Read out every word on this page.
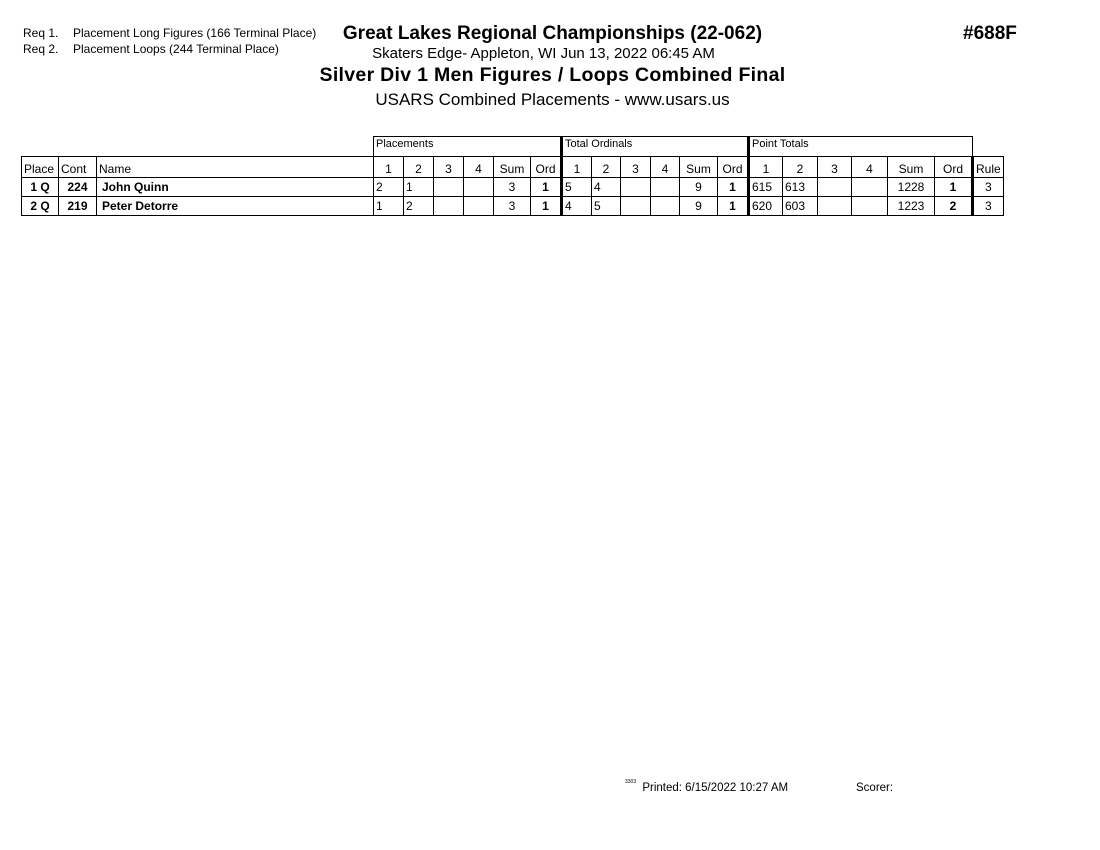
Req 1. Placement Long Figures (166 Terminal Place)
Req 2. Placement Loops (244 Terminal Place)
Great Lakes Regional Championships (22-062)
Skaters Edge- Appleton, WI Jun 13, 2022 06:45 AM
Silver Div 1 Men Figures / Loops Combined Final
USARS Combined Placements - www.usars.us
#688F
			Placements						Total Ordinals						Point Totals						
Place	Cont	Name	1	2	3	4	Sum	Ord	1	2	3	4	Sum	Ord	1	2	3	4	Sum	Ord	Rule
1 Q	224	John Quinn	2	1			3	1	5	4			9	1	615	613			1228	1	3
2 Q	219	Peter Detorre	1	2			3	1	4	5			9	1	620	603			1223	2	3
$^{3303}$ Printed: 6/15/2022 10:27 AM	Scorer:
